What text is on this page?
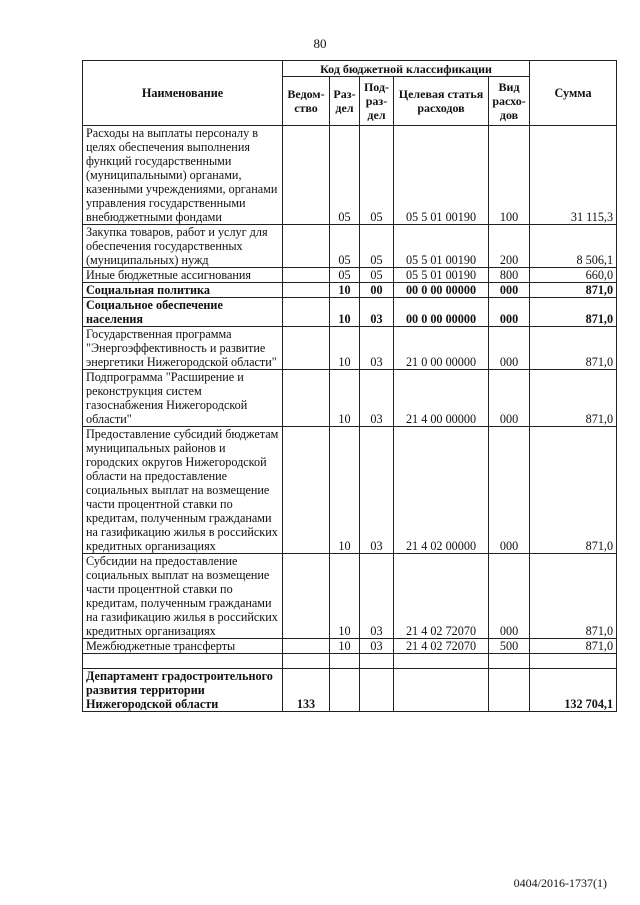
80
Наименование	Код бюджетной классификации					Сумма
	Ведом-ство	Раз-дел	Под-раз-дел	Целевая статья расходов	Вид расхо-дов	
Расходы на выплаты персоналу в целях обеспечения выполнения функций государственными (муниципальными) органами, казенными учреждениями, органами управления государственными внебюджетными фондами		05	05	05 5 01 00190	100	31 115,3
Закупка товаров, работ и услуг для обеспечения государственных (муниципальных) нужд		05	05	05 5 01 00190	200	8 506,1
Иные бюджетные ассигнования		05	05	05 5 01 00190	800	660,0
Социальная политика		10	00	00 0 00 00000	000	871,0
Социальное обеспечение населения		10	03	00 0 00 00000	000	871,0
Государственная программа "Энергоэффективность и развитие энергетики Нижегородской области"		10	03	21 0 00 00000	000	871,0
Подпрограмма "Расширение и реконструкция систем газоснабжения Нижегородской области"		10	03	21 4 00 00000	000	871,0
Предоставление субсидий бюджетам муниципальных районов и городских округов Нижегородской области на предоставление социальных выплат на возмещение части процентной ставки по кредитам, полученным гражданами на газификацию жилья в российских кредитных организациях		10	03	21 4 02 00000	000	871,0
Субсидии на предоставление социальных выплат на возмещение части процентной ставки по кредитам, полученным гражданами на газификацию жилья в российских кредитных организациях		10	03	21 4 02 72070	000	871,0
Межбюджетные трансферты		10	03	21 4 02 72070	500	871,0

Департамент градостроительного развития территории Нижегородской области	133					132 704,1
0404/2016-1737(1)
